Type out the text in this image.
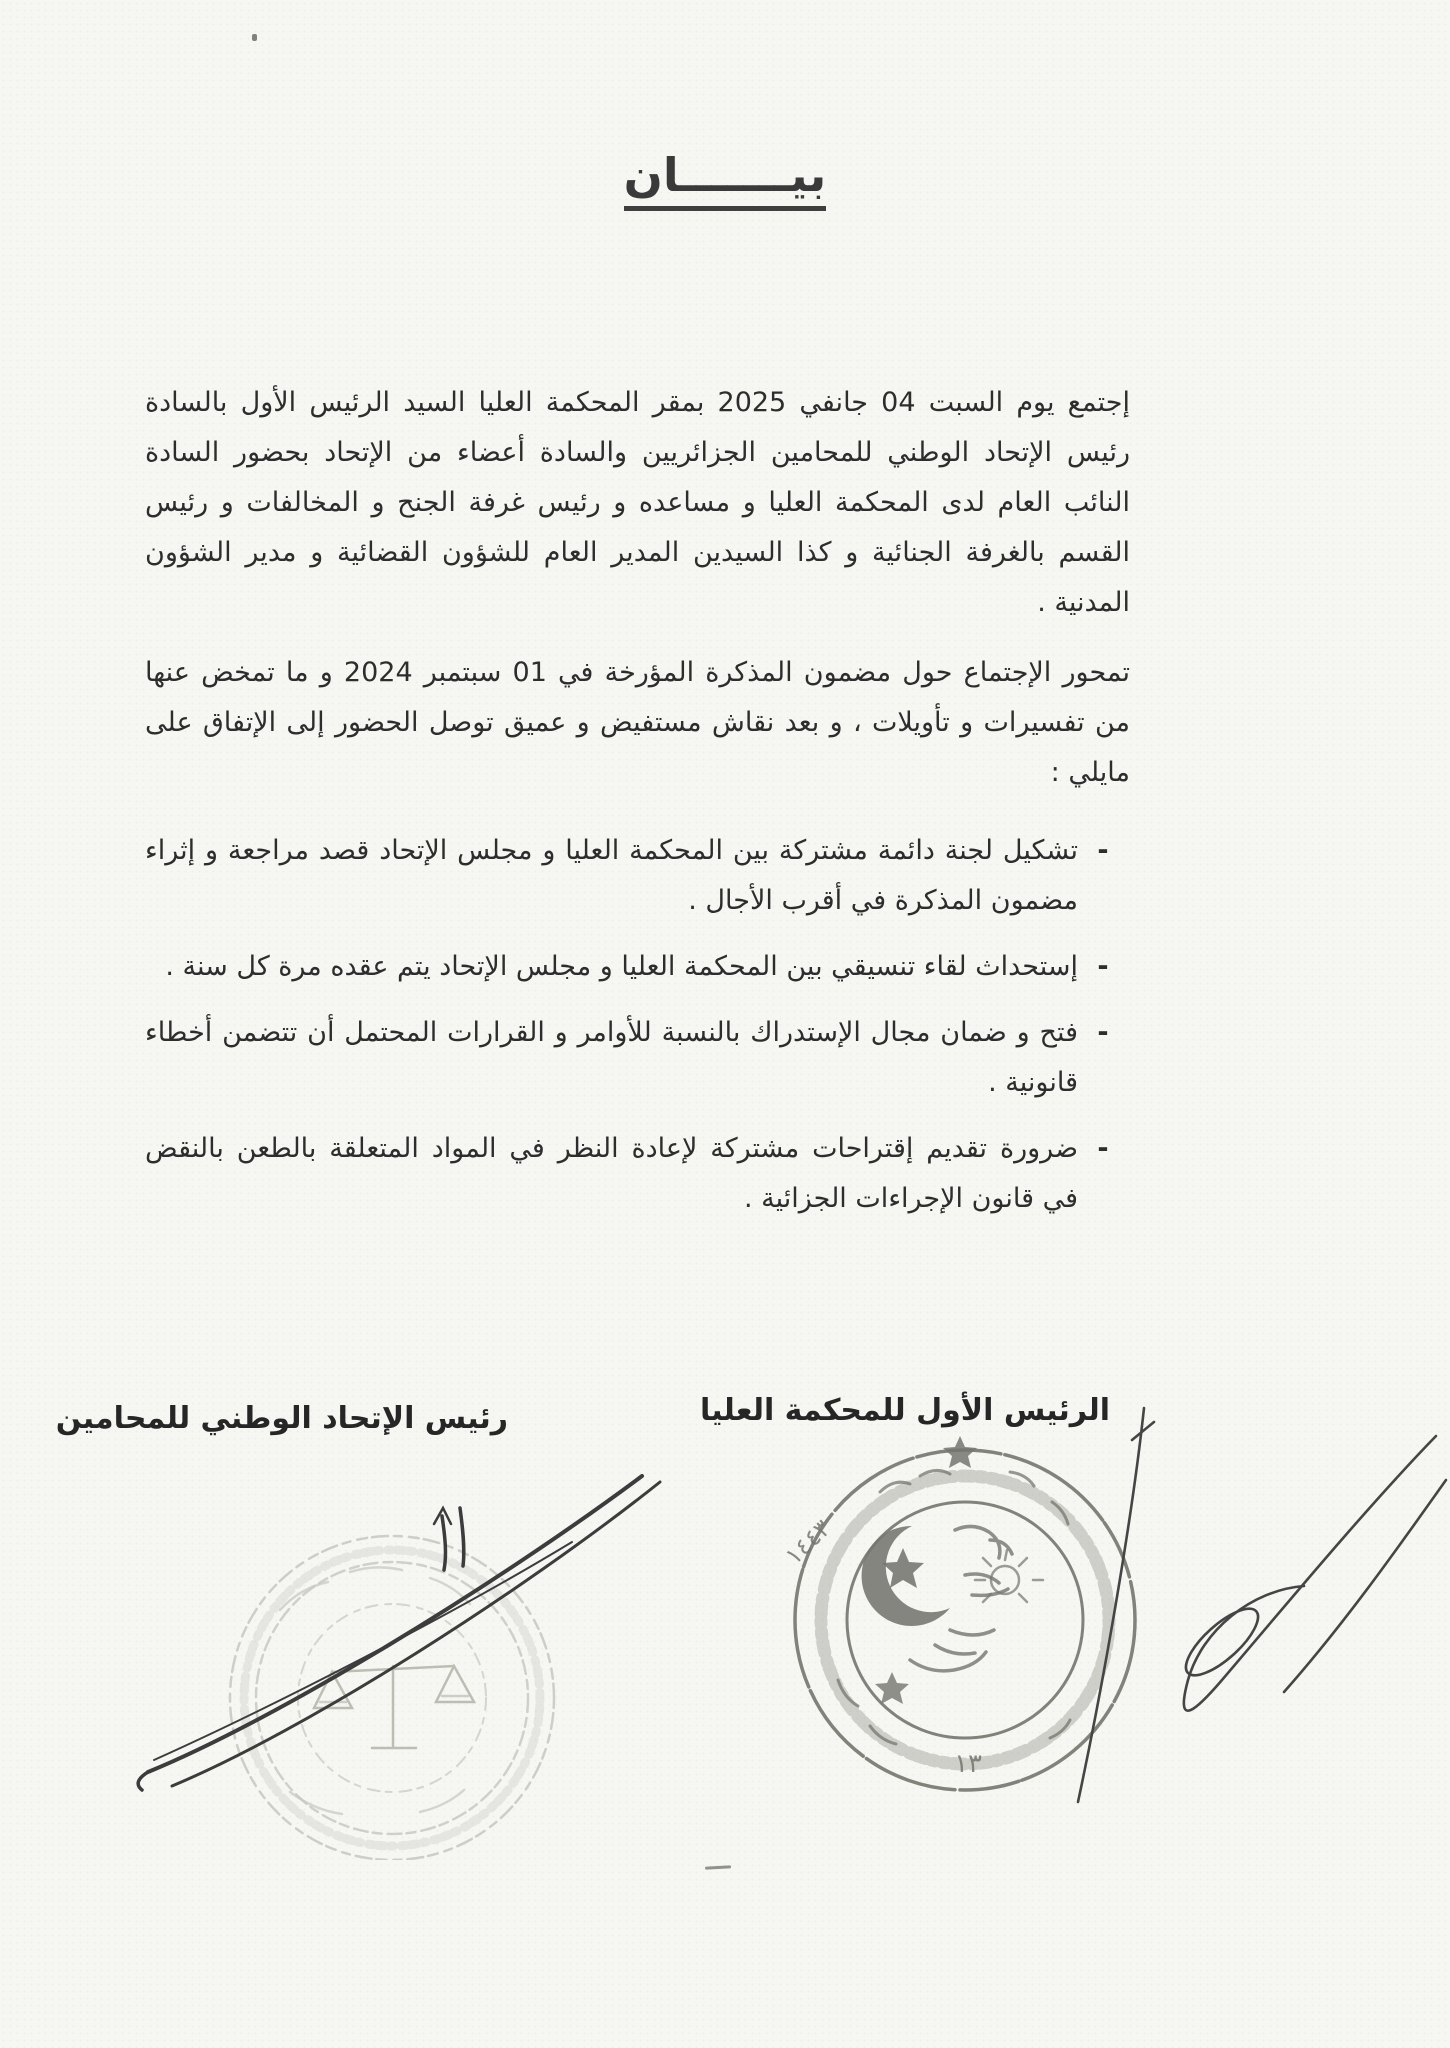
بيـــــــان
إجتمع يوم السبت 04 جانفي 2025 بمقر المحكمة العليا السيد الرئيس الأول بالسادة رئيس الإتحاد الوطني للمحامين الجزائريين والسادة أعضاء من الإتحاد بحضور السادة النائب العام لدى المحكمة العليا و مساعده و رئيس غرفة الجنح و المخالفات و رئيس القسم بالغرفة الجنائية و كذا السيدين المدير العام للشؤون القضائية و مدير الشؤون المدنية .
تمحور الإجتماع حول مضمون المذكرة المؤرخة في 01 سبتمبر 2024 و ما تمخض عنها من تفسيرات و تأويلات ، و بعد نقاش مستفيض و عميق توصل الحضور إلى الإتفاق على مايلي :
-
تشكيل لجنة دائمة مشتركة بين المحكمة العليا و مجلس الإتحاد قصد مراجعة و إثراء مضمون المذكرة في أقرب الأجال .
-
إستحداث لقاء تنسيقي بين المحكمة العليا و مجلس الإتحاد يتم عقده مرة كل سنة .
-
فتح و ضمان مجال الإستدراك بالنسبة للأوامر و القرارات المحتمل أن تتضمن أخطاء قانونية .
-
ضرورة تقديم إقتراحات مشتركة لإعادة النظر في المواد المتعلقة بالطعن بالنقض في قانون الإجراءات الجزائية .
الرئيس الأول للمحكمة العليا
رئيس الإتحاد الوطني للمحامين
١٤٤٣
١٣
